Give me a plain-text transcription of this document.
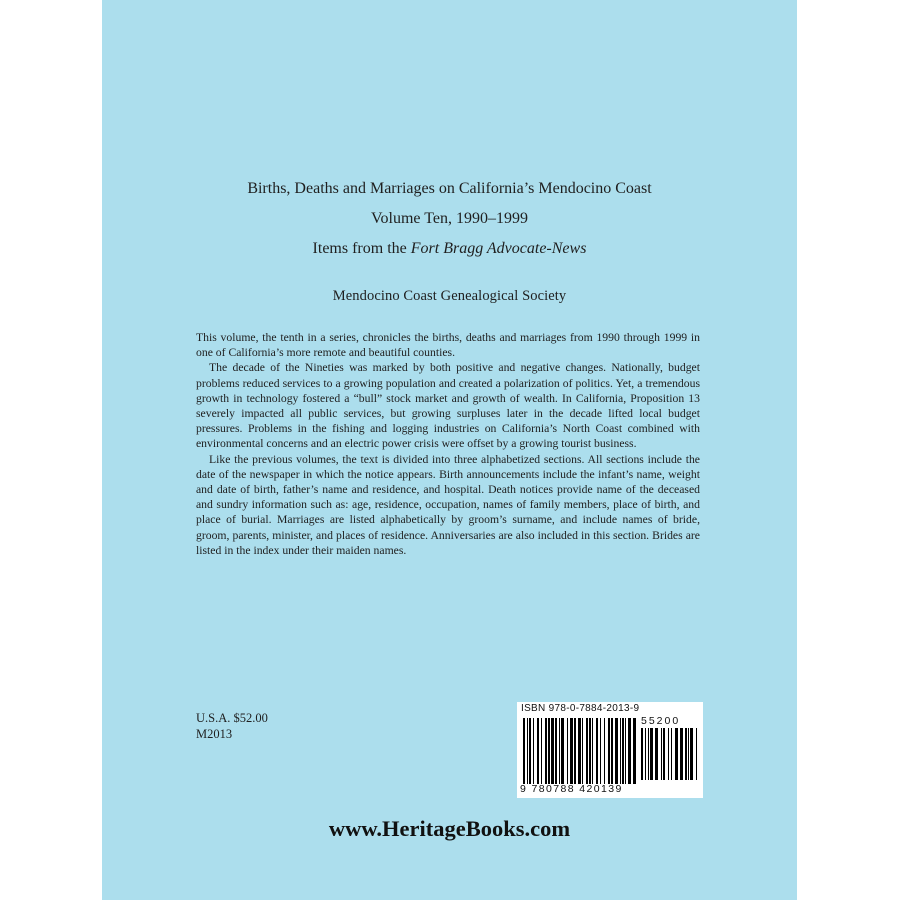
Births, Deaths and Marriages on California’s Mendocino Coast
Volume Ten, 1990–1999
Items from the Fort Bragg Advocate-News
Mendocino Coast Genealogical Society

This volume, the tenth in a series, chronicles the births, deaths and marriages from 1990 through 1999 in one of California’s more remote and beautiful counties.

The decade of the Nineties was marked by both positive and negative changes. Nationally, budget problems reduced services to a growing population and created a polarization of politics. Yet, a tremendous growth in technology fostered a “bull” stock market and growth of wealth. In California, Proposition 13 severely impacted all public services, but growing surpluses later in the decade lifted local budget pressures. Problems in the fishing and logging industries on California’s North Coast combined with environmental concerns and an electric power crisis were offset by a growing tourist business.

Like the previous volumes, the text is divided into three alphabetized sections. All sections include the date of the newspaper in which the notice appears. Birth announcements include the infant’s name, weight and date of birth, father’s name and residence, and hospital. Death notices provide name of the deceased and sundry information such as: age, residence, occupation, names of family members, place of birth, and place of burial. Marriages are listed alphabetically by groom’s surname, and include names of bride, groom, parents, minister, and places of residence. Anniversaries are also included in this section. Brides are listed in the index under their maiden names.

U.S.A. $52.00
M2013
ISBN 978-0-7884-2013-9
55200
9 780788 420139
www.HeritageBooks.com
